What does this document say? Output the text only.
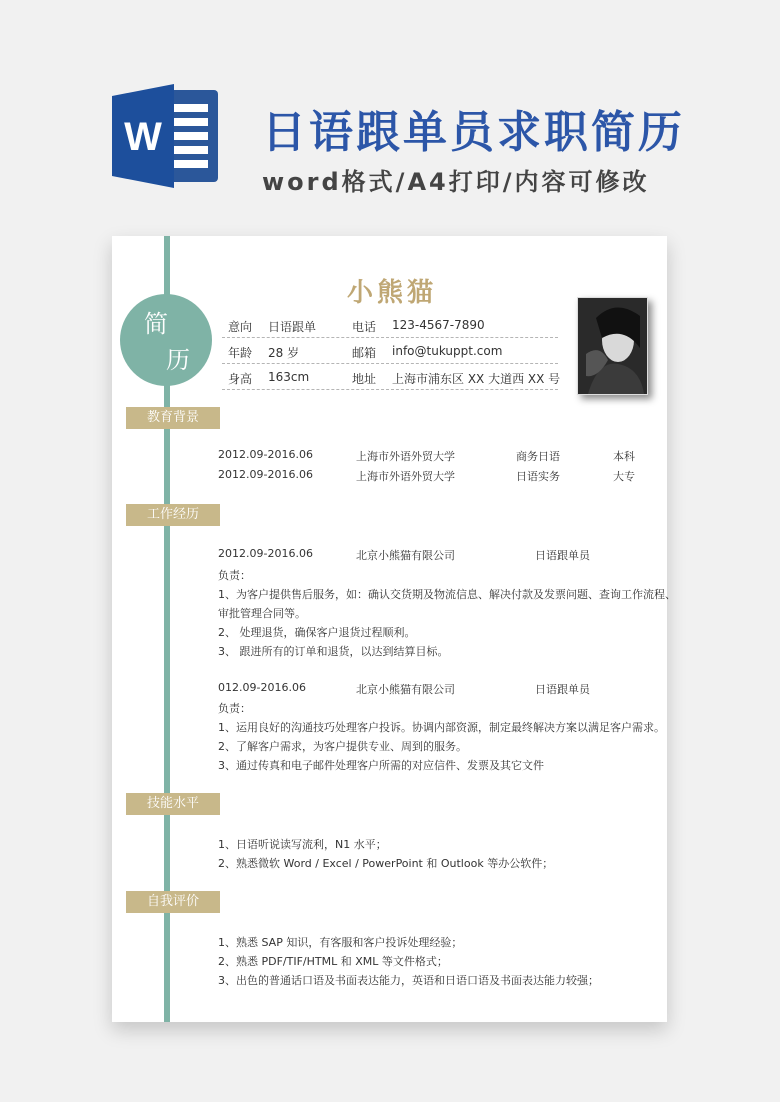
W 日语跟单员求职简历
word格式/A4打印/内容可修改
简
历
小熊猫
意向 日语跟单	电话 123-4567-7890
年龄 28 岁	邮箱 info@tukuppt.com
身高 163cm	地址 上海市浦东区 XX 大道西 XX 号
教育背景
2012.09-2016.06	上海市外语外贸大学	商务日语	本科
2012.09-2016.06	上海市外语外贸大学	日语实务	大专
工作经历
2012.09-2016.06	北京小熊猫有限公司	日语跟单员
负责：
1、为客户提供售后服务，如：确认交货期及物流信息、解决付款及发票问题、查询工作流程、
审批管理合同等。
2、 处理退货，确保客户退货过程顺利。
3、 跟进所有的订单和退货，以达到结算目标。
012.09-2016.06	北京小熊猫有限公司	日语跟单员
负责：
1、运用良好的沟通技巧处理客户投诉。协调内部资源，制定最终解决方案以满足客户需求。
2、了解客户需求，为客户提供专业、周到的服务。
3、通过传真和电子邮件处理客户所需的对应信件、发票及其它文件
技能水平
1、日语听说读写流利，N1 水平；
2、熟悉微软 Word / Excel / PowerPoint 和 Outlook 等办公软件；
自我评价
1、熟悉 SAP 知识，有客服和客户投诉处理经验；
2、熟悉 PDF/TIF/HTML 和 XML 等文件格式；
3、出色的普通话口语及书面表达能力，英语和日语口语及书面表达能力较强；
